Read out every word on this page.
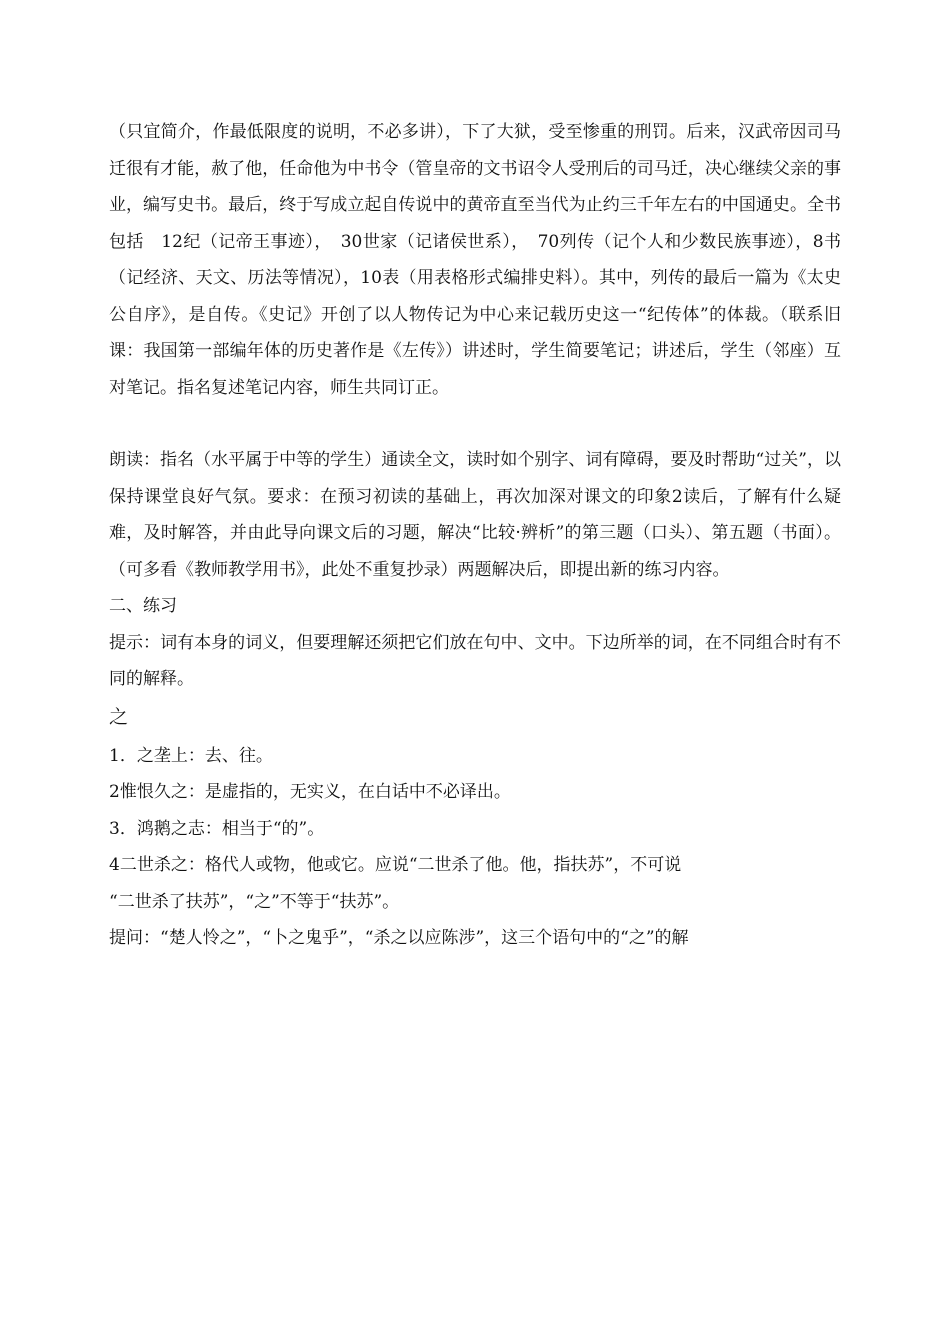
（只宜简介，作最低限度的说明，不必多讲），下了大狱，受至惨重的刑罚。后来，汉武帝因司马迁很有才能，赦了他，任命他为中书令（管皇帝的文书诏令人受刑后的司马迁，决心继续父亲的事业，编写史书。最后，终于写成立起自传说中的黄帝直至当代为止约三千年左右的中国通史。全书包括　12纪（记帝王事迹），　30世家（记诸侯世系），　70列传（记个人和少数民族事迹），8书（记经济、天文、历法等情况），10表（用表格形式编排史料）。其中，列传的最后一篇为《太史公自序》，是自传。《史记》开创了以人物传记为中心来记载历史这一“纪传体”的体裁。（联系旧课：我国第一部编年体的历史著作是《左传》）讲述时，学生简要笔记；讲述后，学生（邻座）互对笔记。指名复述笔记内容，师生共同订正。

朗读：指名（水平属于中等的学生）通读全文，读时如个别字、词有障碍，要及时帮助“过关”，以保持课堂良好气氛。要求：在预习初读的基础上，再次加深对课文的印象2读后，了解有什么疑难，及时解答，并由此导向课文后的习题，解决“比较·辨析”的第三题（口头）、第五题（书面）。（可多看《教师教学用书》，此处不重复抄录）两题解决后，即提出新的练习内容。

二、练习

提示：词有本身的词义，但要理解还须把它们放在句中、文中。下边所举的词，在不同组合时有不同的解释。

之

1．之垄上：去、往。

2惟恨久之：是虚指的，无实义，在白话中不必译出。

3．鸿鹅之志：相当于“的”。

4二世杀之：格代人或物，他或它。应说“二世杀了他。他，指扶苏”，不可说

“二世杀了扶苏”，“之”不等于“扶苏”。

提问：“楚人怜之”，“卜之鬼乎”，“杀之以应陈涉”，这三个语句中的“之”的解
